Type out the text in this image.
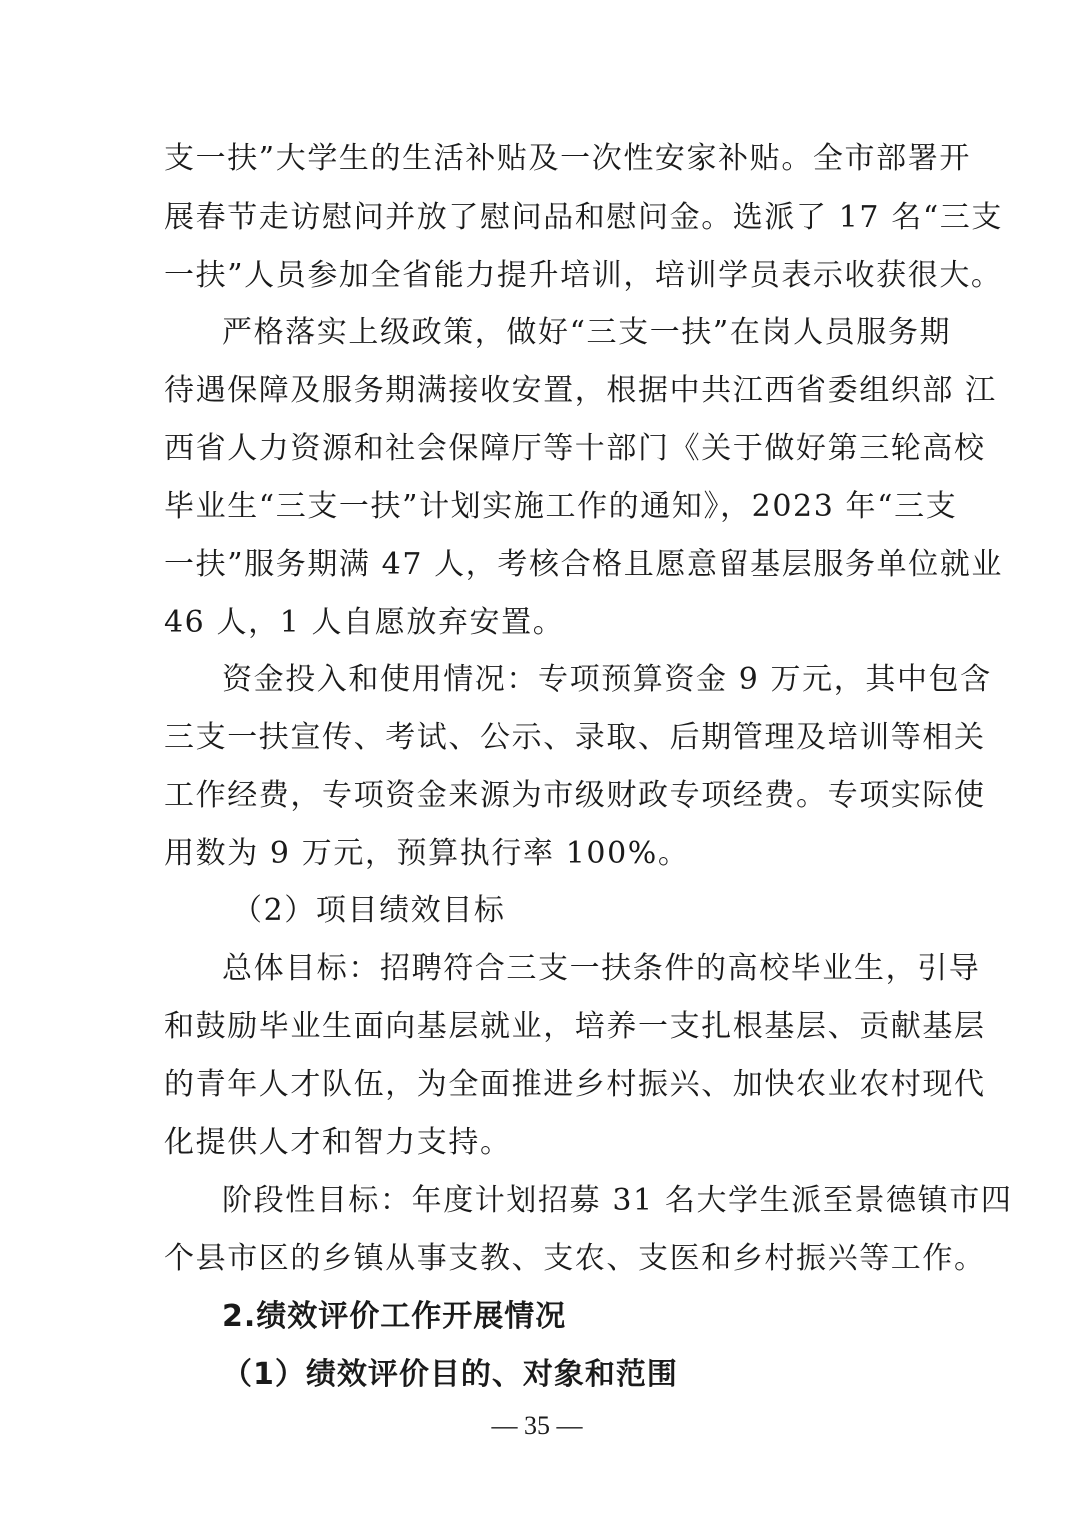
支一扶”大学生的生活补贴及一次性安家补贴。全市部署开
展春节走访慰问并放了慰问品和慰问金。选派了 17 名“三支
一扶”人员参加全省能力提升培训，培训学员表示收获很大。
严格落实上级政策，做好“三支一扶”在岗人员服务期
待遇保障及服务期满接收安置，根据中共江西省委组织部 江
西省人力资源和社会保障厅等十部门《关于做好第三轮高校
毕业生“三支一扶”计划实施工作的通知》，2023 年“三支
一扶”服务期满 47 人，考核合格且愿意留基层服务单位就业
46 人，1 人自愿放弃安置。
资金投入和使用情况：专项预算资金 9 万元，其中包含
三支一扶宣传、考试、公示、录取、后期管理及培训等相关
工作经费，专项资金来源为市级财政专项经费。专项实际使
用数为 9 万元，预算执行率 100%。
（2）项目绩效目标
总体目标：招聘符合三支一扶条件的高校毕业生，引导
和鼓励毕业生面向基层就业，培养一支扎根基层、贡献基层
的青年人才队伍，为全面推进乡村振兴、加快农业农村现代
化提供人才和智力支持。
阶段性目标：年度计划招募 31 名大学生派至景德镇市四
个县市区的乡镇从事支教、支农、支医和乡村振兴等工作。
2.绩效评价工作开展情况
（1）绩效评价目的、对象和范围
— 35 —
